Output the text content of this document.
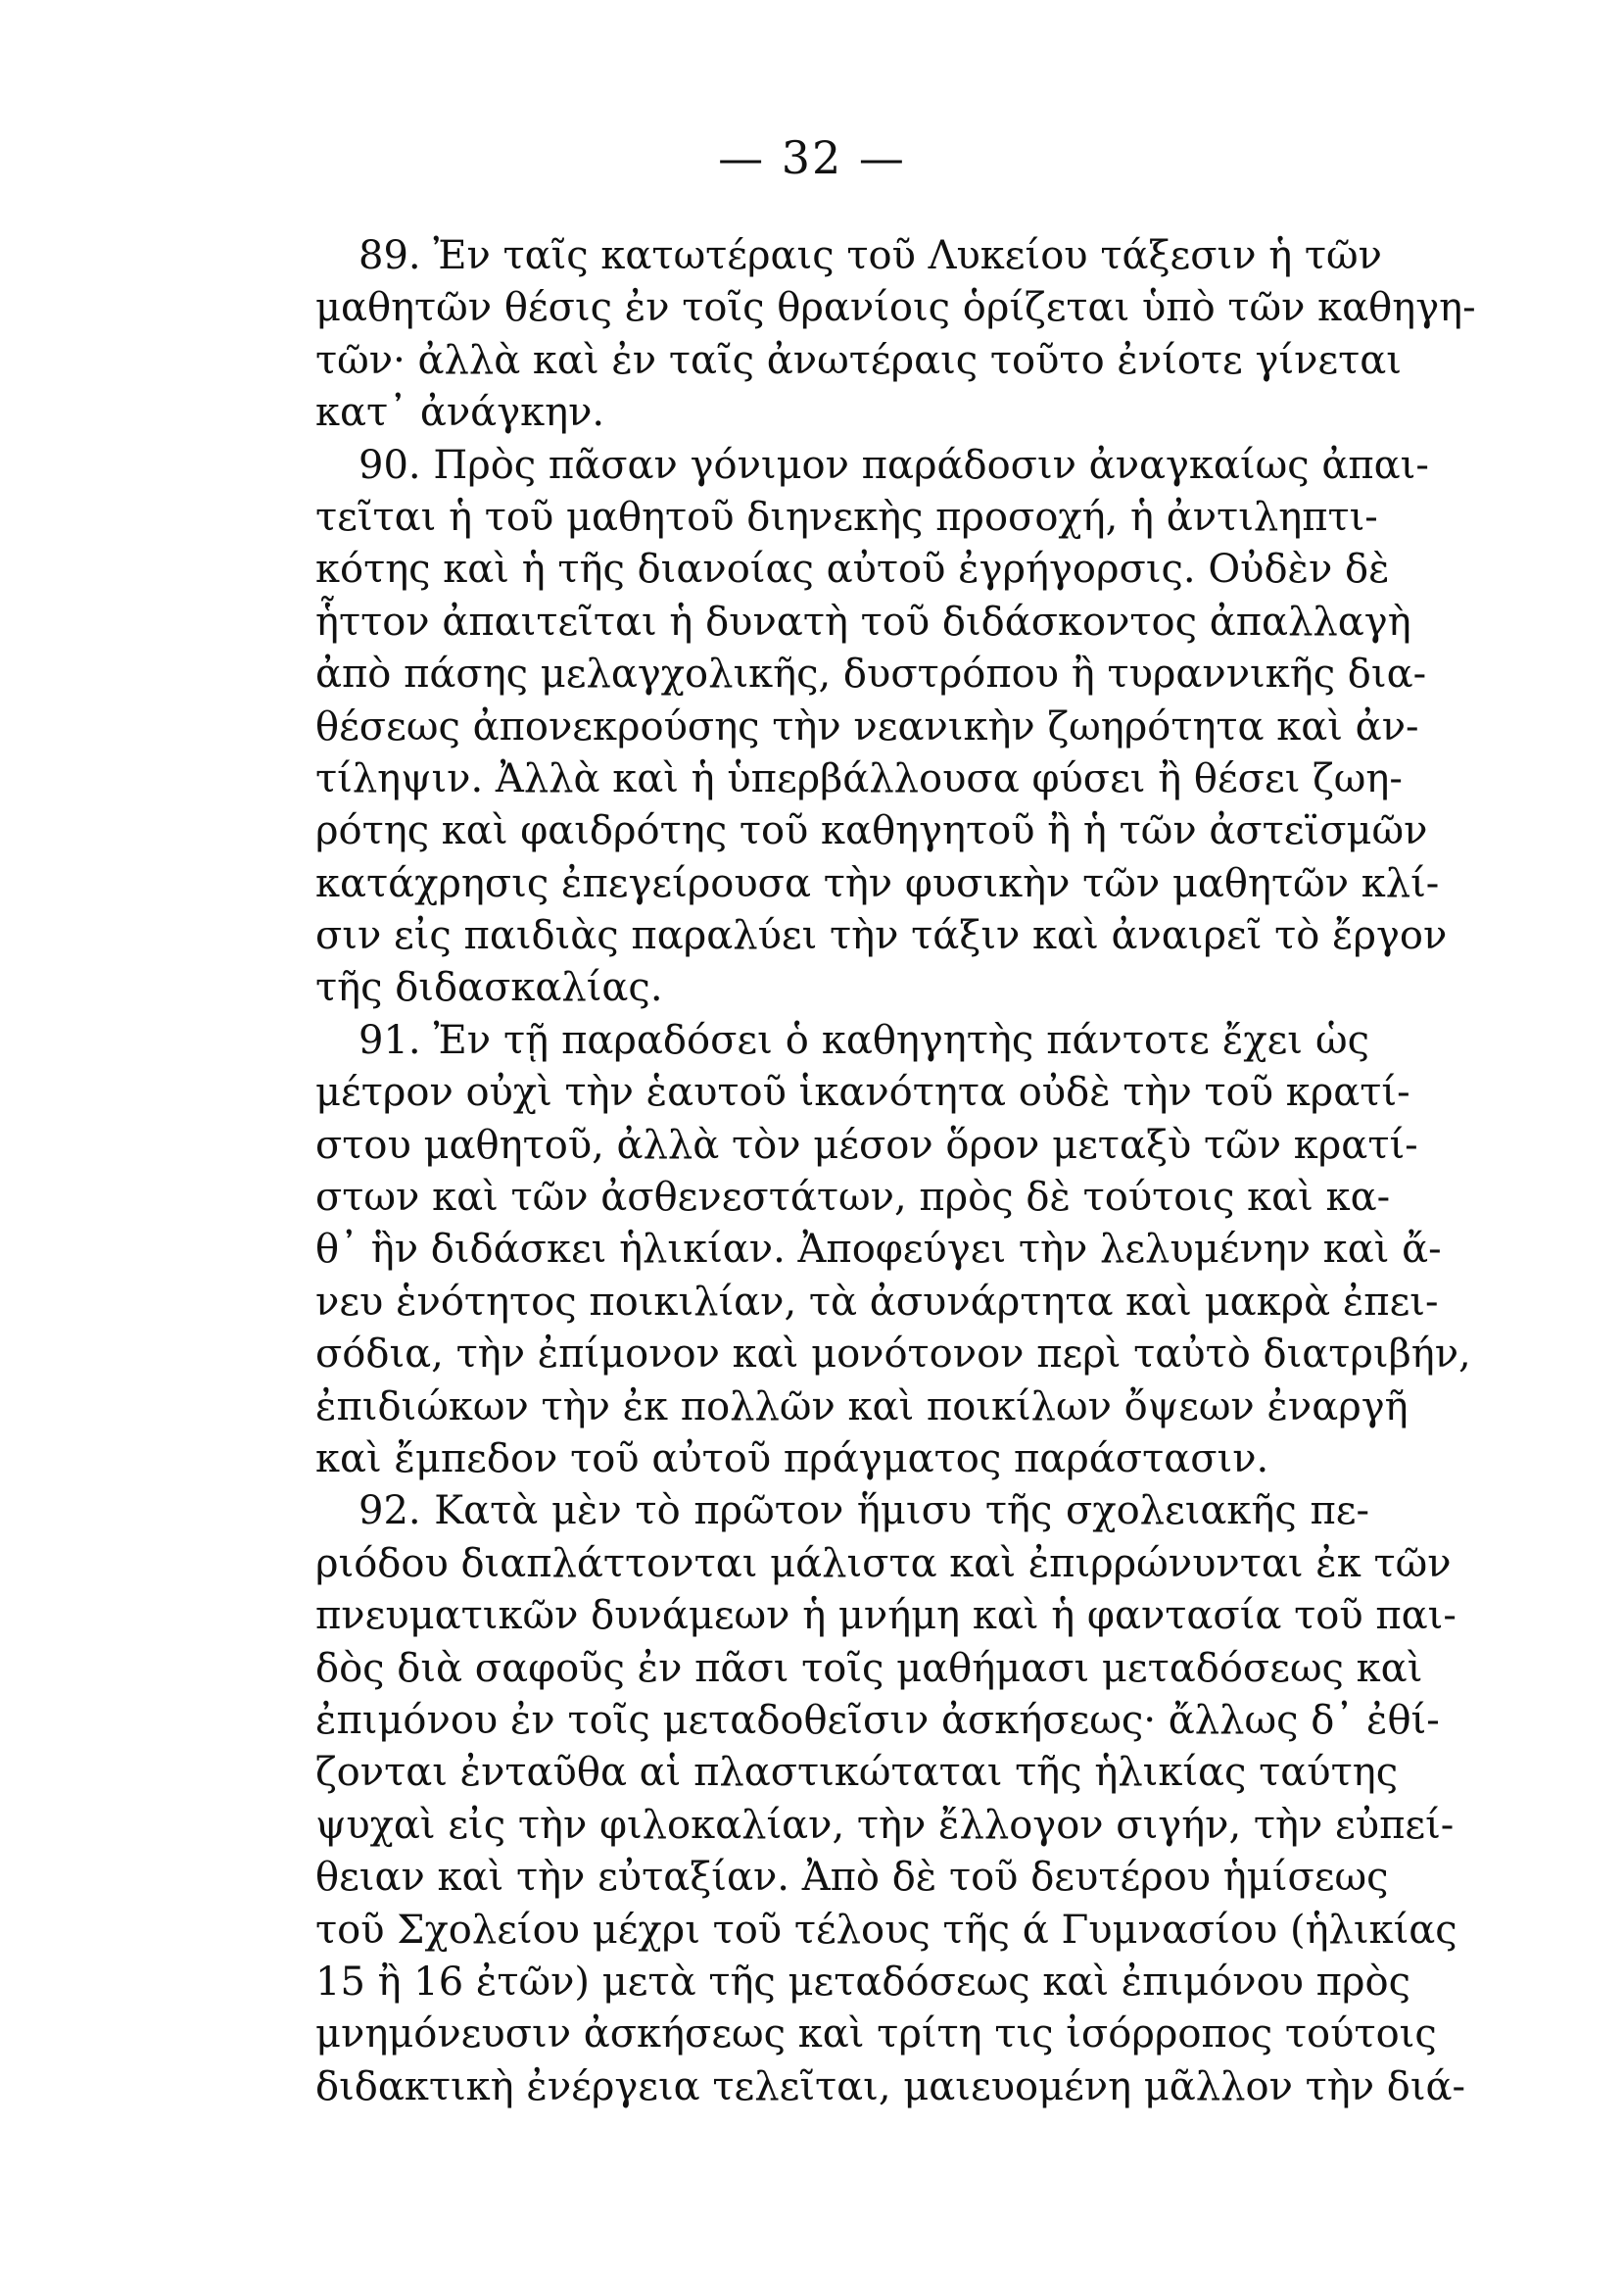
— 32 —
89. Ἐν ταῖς κατωτέραις τοῦ Λυκείου τάξεσιν ἡ τῶν
μαθητῶν θέσις ἐν τοῖς θρανίοις ὁρίζεται ὑπὸ τῶν καθηγη-
τῶν· ἀλλὰ καὶ ἐν ταῖς ἀνωτέραις τοῦτο ἐνίοτε γίνεται
κατ᾽ ἀνάγκην.
90. Πρὸς πᾶσαν γόνιμον παράδοσιν ἀναγκαίως ἀπαι-
τεῖται ἡ τοῦ μαθητοῦ διηνεκὴς προσοχή, ἡ ἀντιληπτι-
κότης καὶ ἡ τῆς διανοίας αὐτοῦ ἐγρήγορσις. Οὐδὲν δὲ
ἧττον ἀπαιτεῖται ἡ δυνατὴ τοῦ διδάσκοντος ἀπαλλαγὴ
ἀπὸ πάσης μελαγχολικῆς, δυστρόπου ἢ τυραννικῆς δια-
θέσεως ἀπονεκρούσης τὴν νεανικὴν ζωηρότητα καὶ ἀν-
τίληψιν. Ἀλλὰ καὶ ἡ ὑπερβάλλουσα φύσει ἢ θέσει ζωη-
ρότης καὶ φαιδρότης τοῦ καθηγητοῦ ἢ ἡ τῶν ἀστεϊσμῶν
κατάχρησις ἐπεγείρουσα τὴν φυσικὴν τῶν μαθητῶν κλί-
σιν εἰς παιδιὰς παραλύει τὴν τάξιν καὶ ἀναιρεῖ τὸ ἔργον
τῆς διδασκαλίας.
91. Ἐν τῇ παραδόσει ὁ καθηγητὴς πάντοτε ἔχει ὡς
μέτρον οὐχὶ τὴν ἑαυτοῦ ἱκανότητα οὐδὲ τὴν τοῦ κρατί-
στου μαθητοῦ, ἀλλὰ τὸν μέσον ὅρον μεταξὺ τῶν κρατί-
στων καὶ τῶν ἀσθενεστάτων, πρὸς δὲ τούτοις καὶ κα-
θ᾽ ἣν διδάσκει ἡλικίαν. Ἀποφεύγει τὴν λελυμένην καὶ ἄ-
νευ ἑνότητος ποικιλίαν, τὰ ἀσυνάρτητα καὶ μακρὰ ἐπει-
σόδια, τὴν ἐπίμονον καὶ μονότονον περὶ ταὐτὸ διατριβήν,
ἐπιδιώκων τὴν ἐκ πολλῶν καὶ ποικίλων ὄψεων ἐναργῆ
καὶ ἔμπεδον τοῦ αὐτοῦ πράγματος παράστασιν.
92. Κατὰ μὲν τὸ πρῶτον ἥμισυ τῆς σχολειακῆς πε-
ριόδου διαπλάττονται μάλιστα καὶ ἐπιρρώνυνται ἐκ τῶν
πνευματικῶν δυνάμεων ἡ μνήμη καὶ ἡ φαντασία τοῦ παι-
δὸς διὰ σαφοῦς ἐν πᾶσι τοῖς μαθήμασι μεταδόσεως καὶ
ἐπιμόνου ἐν τοῖς μεταδοθεῖσιν ἀσκήσεως· ἄλλως δ᾽ ἐθί-
ζονται ἐνταῦθα αἱ πλαστικώταται τῆς ἡλικίας ταύτης
ψυχαὶ εἰς τὴν φιλοκαλίαν, τὴν ἔλλογον σιγήν, τὴν εὐπεί-
θειαν καὶ τὴν εὐταξίαν. Ἀπὸ δὲ τοῦ δευτέρου ἡμίσεως
τοῦ Σχολείου μέχρι τοῦ τέλους τῆς ά Γυμνασίου (ἡλικίας
15 ἢ 16 ἐτῶν) μετὰ τῆς μεταδόσεως καὶ ἐπιμόνου πρὸς
μνημόνευσιν ἀσκήσεως καὶ τρίτη τις ἰσόρροπος τούτοις
διδακτικὴ ἐνέργεια τελεῖται, μαιευομένη μᾶλλον τὴν διά-
